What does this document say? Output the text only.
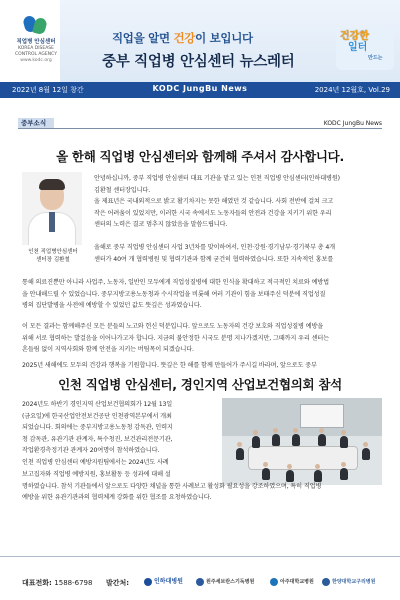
직업병 안심센터
KOREA DISEASE CONTROL AGENCY
www.kodc.org
직업을 알면 건강이 보입니다
중부 직업병 안심센터 뉴스레터
건강한
일터
만드는
2022년 8월 12일 창간	KODC JungBu News	2024년 12월호, Vol.29
중부소식	KODC JungBu News
올 한해 직업병 안심센터와 함께해 주셔서 감사합니다.
인천 직업병안심센터
센터장 김환철
안녕하십니까, 중부 직업병 안심센터 대표 기관을 맡고 있는 인천 직업병 안심센터(인하대병원)
김환철 센터장입니다.
올 제표년은 국내외적으로 밝고 활기차지는 못한 해였던 것 같습니다. 사회 전반에 걸쳐 크고
작은 어려움이 있었지만, 이러한 시국 속에서도 노동자들의 안전과 건강을 지키기 위한 우리
센터의 노력은 결코 멈추지 않았음을 말씀드립니다.
올해로 중부 직업병 안심센터 사업 3년차를 맞이하여서, 인천·강원·경기남부·경기북부 총 4개
센터가 40여 개 협력병원 및 협력기관과 함께 굳건히 협력하였습니다. 또한 지속적인 홍보를
통해 의료진뿐만 아니라 사업주, 노동자, 일반인 모두에게 직업성질병에 대한 인식을 확대하고 적극적인 치료와 예방법
을 안내해드릴 수 있었습니다. 중부지방고용노동청과 수시작업을 비롯해 여러 기관이 힘을 보태주신 덕분에 직업성질
병의 집단발병을 사전에 예방할 수 있었던 값도 뜻깊은 성과였습니다.
이 모든 결과는 함께해주신 모든 분들의 노고와 헌신 덕분입니다. 앞으로도 노동자의 건강 보호와 직업성질병 예방을
위해 서로 협력하는 발걸음을 이어나가고자 합니다. 지금의 불안정한 시국도 분명 지나가겠지만, 그때까지 우리 센터는
흔들림 없이 지역사회와 함께 안전을 지키는 버팀목이 되겠습니다.
2025년 새해에도 모두의 건강과 행복을 기원합니다. 뜻깊은 한 해를 함께 만들어가 주시길 바라며, 앞으로도 중부
인천 직업병 안심센터, 경인지역 산업보건협의회 참석
2024년도 하반기 경인지역 산업보건협의회가 12월 13일
(금요일)에 한국산업안전보건공단 인천광역본부에서 개최
되었습니다. 회의에는 중부지방고용노동청 감독관, 인력지
청 감독관, 유관기관 관계자, 특수청진, 보건관리전문기관,
작업환경측정기관 관계자 20여명이 참석하였습니다.
인천 직업병 안심센터 예방지원팀에서는 2024년도 사례
보고집자와 직업병 예방지원, 홍보활동 등 성과에 대해 설
명하였습니다. 참석 기관들에서 앞으로도 다양한 채널을 통한 사례보고 활성화 필요성을 강조하였으며, 특히 직업병
예방을 위한 유관기관과의 협력체계 강화를 위한 협조를 요청하였습니다.
대표전화: 1588-6798 발간처:	인하대병원	원주세브란스기독병원	아주대학교병원	한양대학교구리병원
